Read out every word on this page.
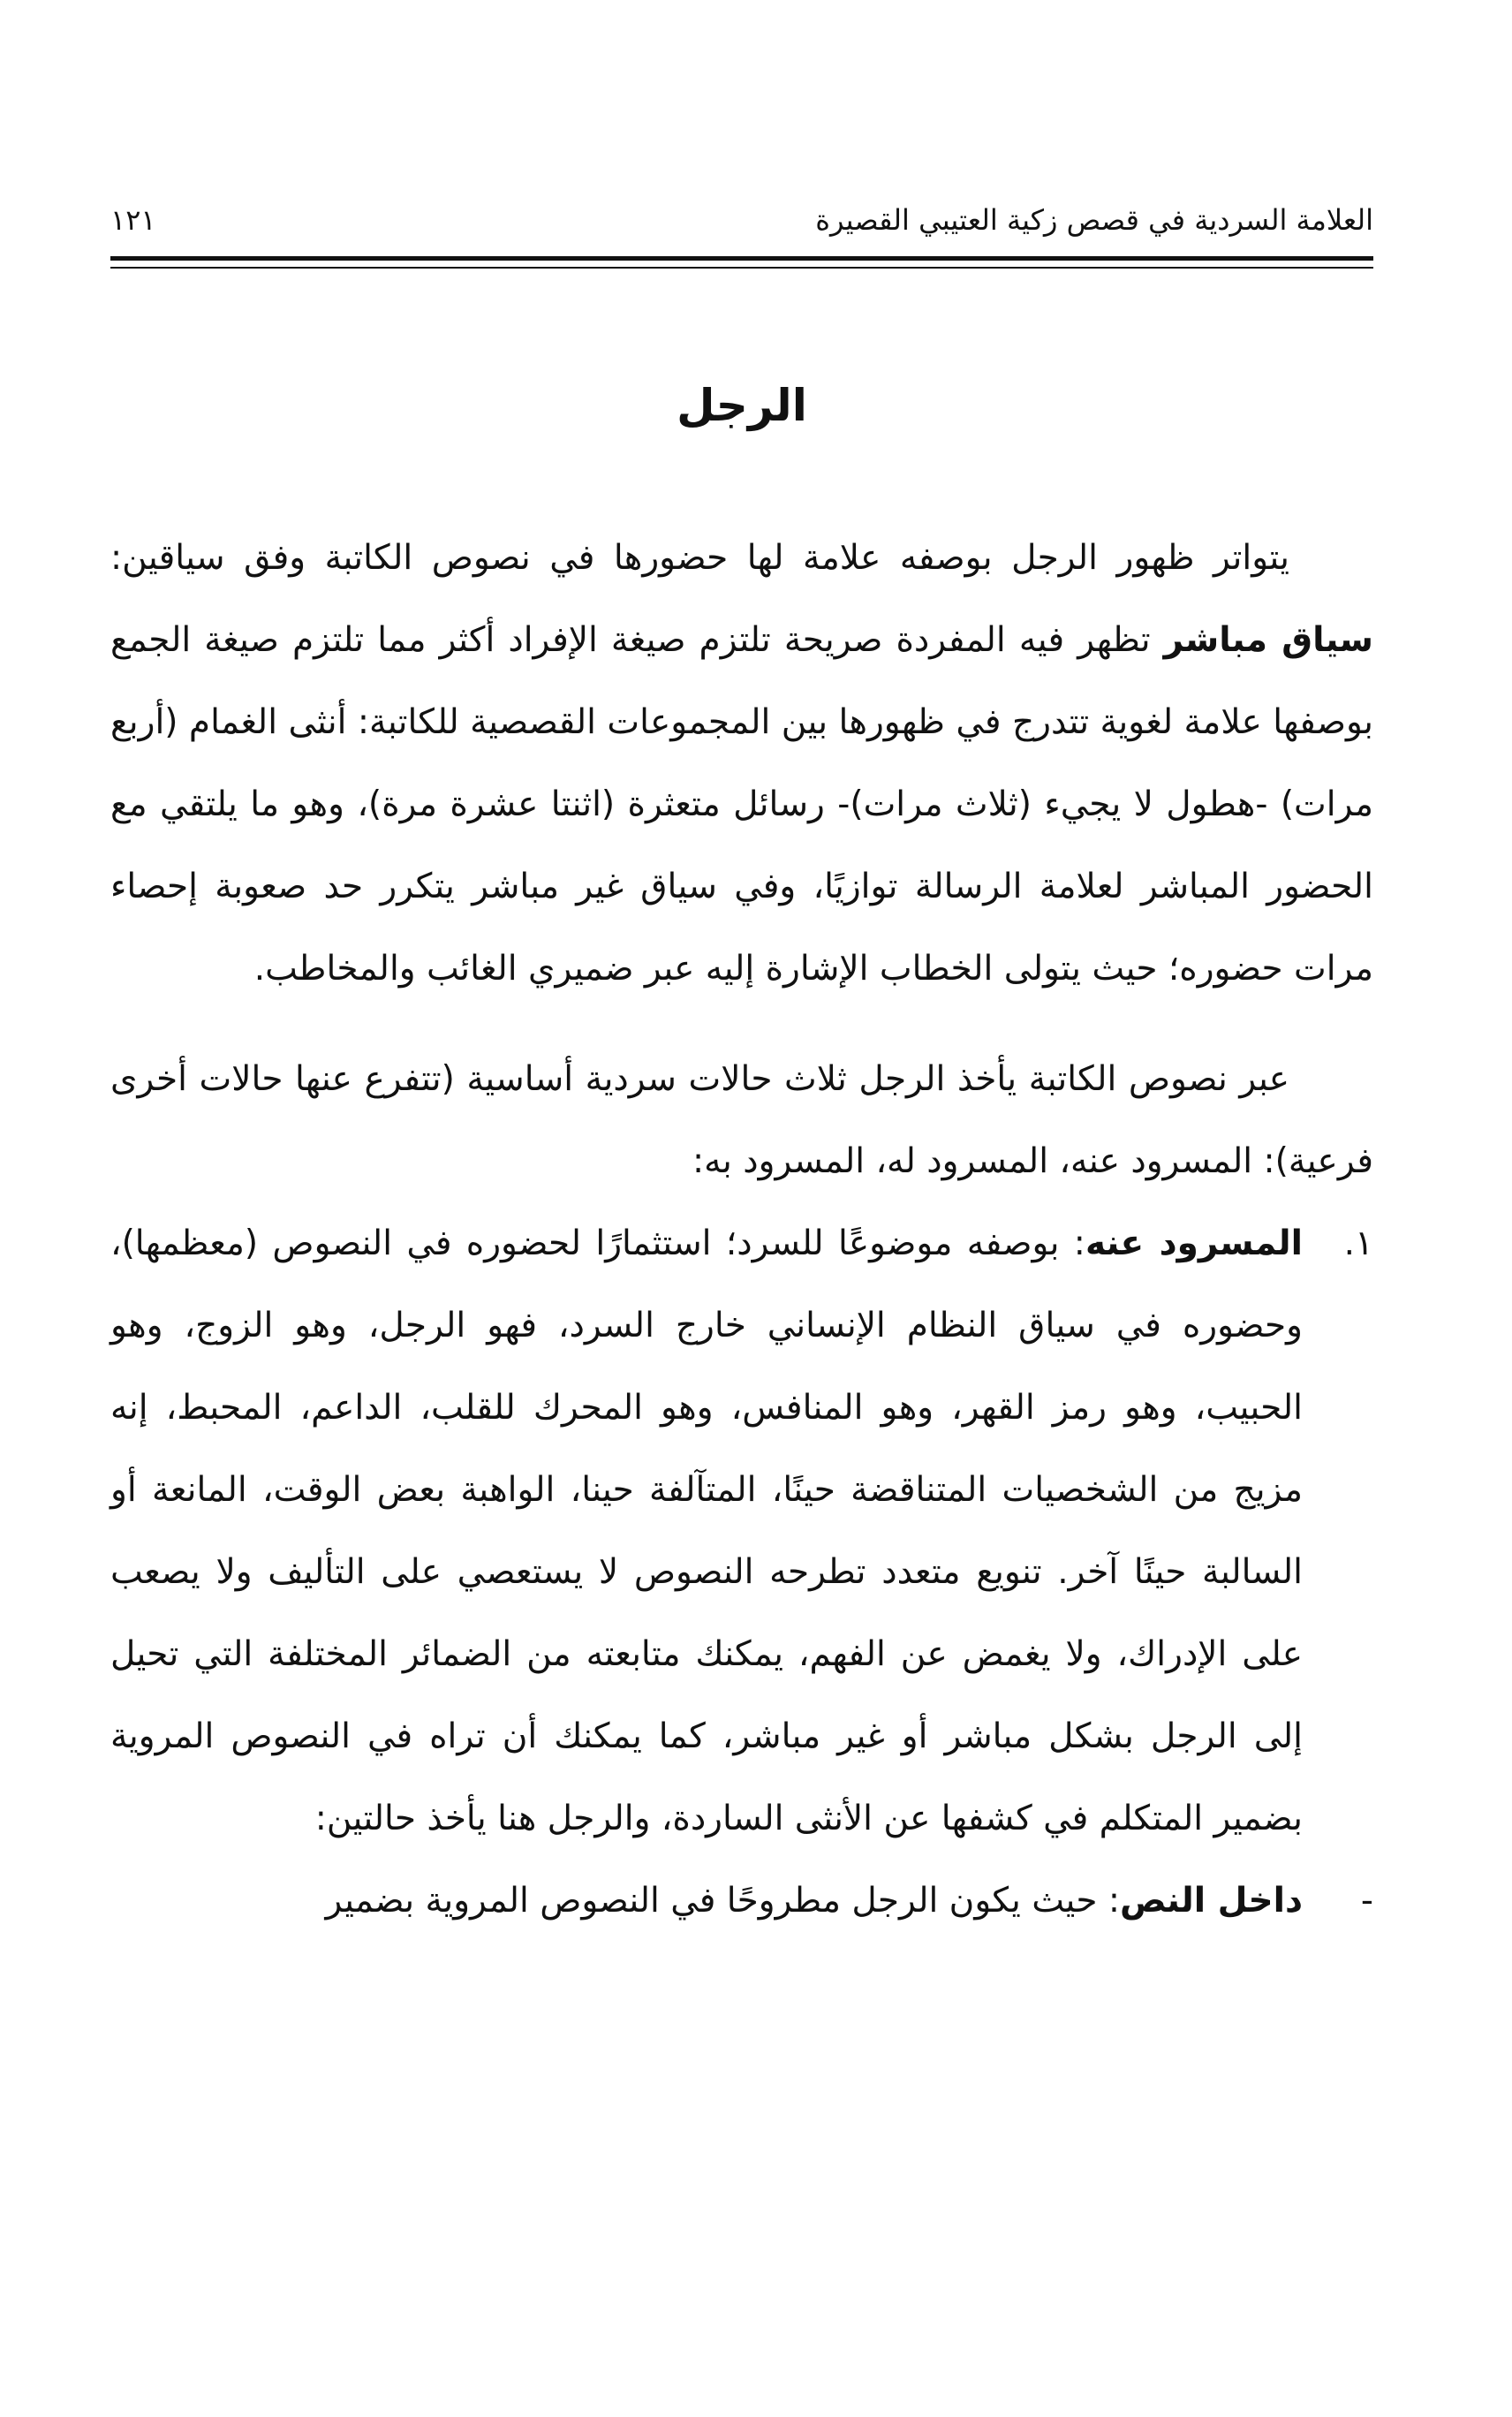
العلامة السردية في قصص زكية العتيبي القصيرة
١٢١
الرجل

يتواتر ظهور الرجل بوصفه علامة لها حضورها في نصوص الكاتبة وفق سياقين: سياق مباشر تظهر فيه المفردة صريحة تلتزم صيغة الإفراد أكثر مما تلتزم صيغة الجمع بوصفها علامة لغوية تتدرج في ظهورها بين المجموعات القصصية للكاتبة: أنثى الغمام (أربع مرات) -هطول لا يجيء (ثلاث مرات)- رسائل متعثرة (اثنتا عشرة مرة)، وهو ما يلتقي مع الحضور المباشر لعلامة الرسالة توازيًا، وفي سياق غير مباشر يتكرر حد صعوبة إحصاء مرات حضوره؛ حيث يتولى الخطاب الإشارة إليه عبر ضميري الغائب والمخاطب.

عبر نصوص الكاتبة يأخذ الرجل ثلاث حالات سردية أساسية (تتفرع عنها حالات أخرى فرعية): المسرود عنه، المسرود له، المسرود به:

١.
المسرود عنه: بوصفه موضوعًا للسرد؛ استثمارًا لحضوره في النصوص (معظمها)، وحضوره في سياق النظام الإنساني خارج السرد، فهو الرجل، وهو الزوج، وهو الحبيب، وهو رمز القهر، وهو المنافس، وهو المحرك للقلب، الداعم، المحبط، إنه مزيج من الشخصيات المتناقضة حينًا، المتآلفة حينا، الواهبة بعض الوقت، المانعة أو السالبة حينًا آخر. تنويع متعدد تطرحه النصوص لا يستعصي على التأليف ولا يصعب على الإدراك، ولا يغمض عن الفهم، يمكنك متابعته من الضمائر المختلفة التي تحيل إلى الرجل بشكل مباشر أو غير مباشر، كما يمكنك أن تراه في النصوص المروية بضمير المتكلم في كشفها عن الأنثى الساردة، والرجل هنا يأخذ حالتين:
-
داخل النص: حيث يكون الرجل مطروحًا في النصوص المروية بضمير
